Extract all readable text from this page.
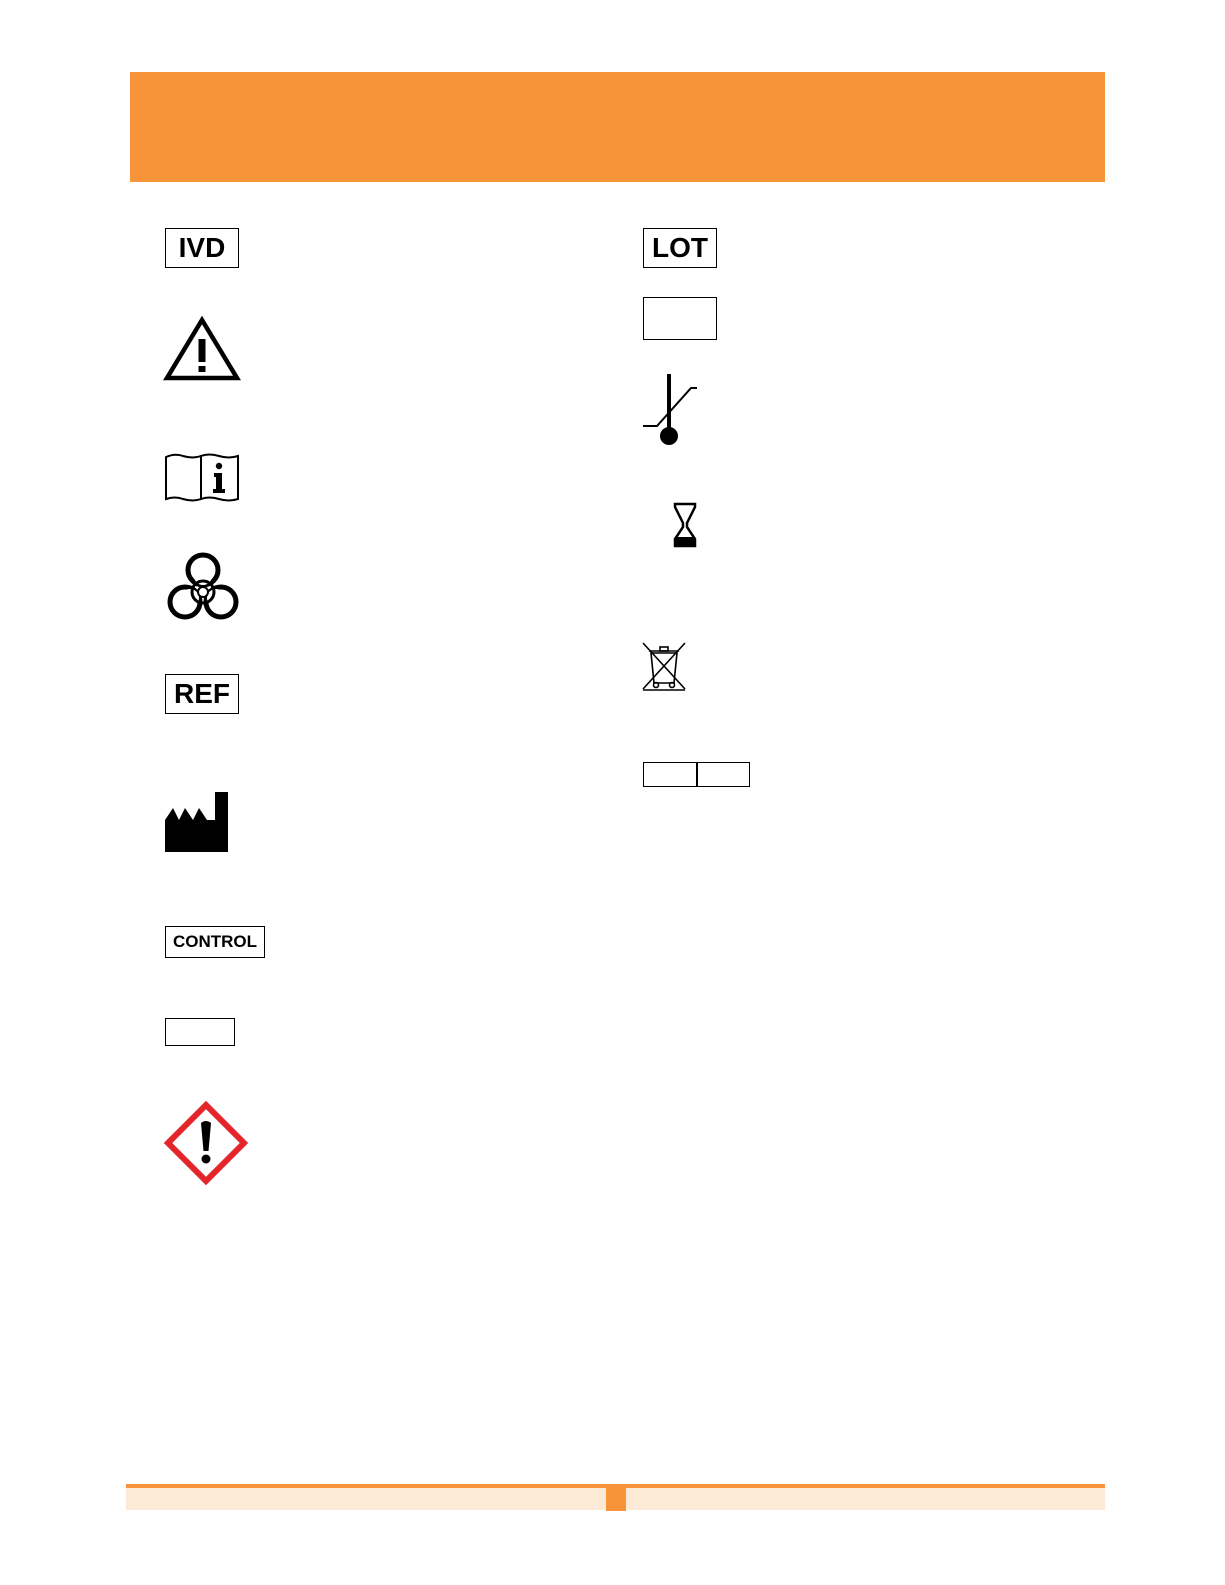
IVD
REF
CONTROL
LOT
